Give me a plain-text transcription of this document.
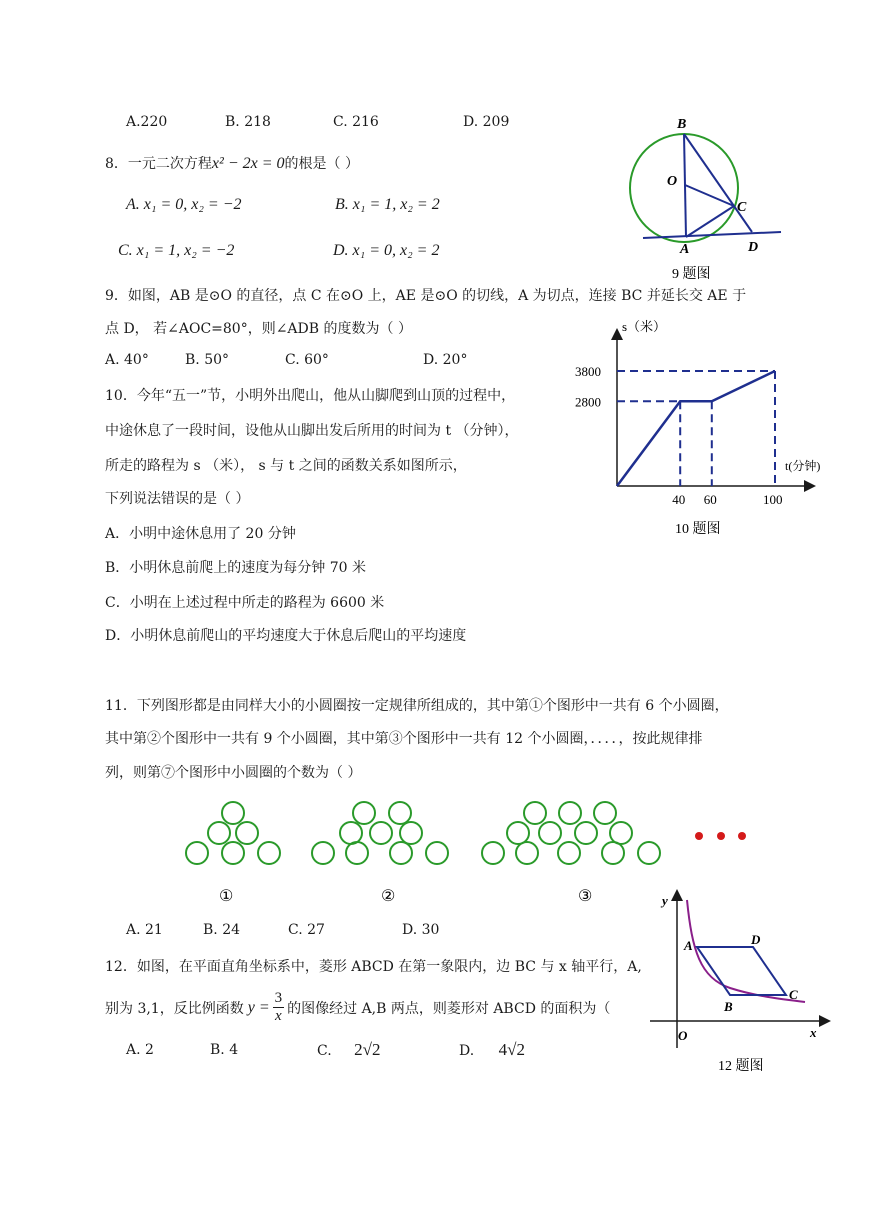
A.220	B. 218	C. 216	D. 209
8．一元二次方程x² − 2x = 0的根是（ ）
A. x₁ = 0, x₂ = −2	B. x₁ = 1, x₂ = 2
C. x₁ = 1, x₂ = −2	D. x₁ = 0, x₂ = 2
B
O
C
A	D
9 题图
9．如图，AB 是⊙O 的直径，点 C 在⊙O 上，AE 是⊙O 的切线，A 为切点，连接 BC 并延长交 AE 于
点 D， 若∠AOC=80°，则∠ADB 的度数为（ ）
A. 40°	B. 50°	C. 60°	D. 20°
s（米）
t(分钟)
3800
2800
40 60	100
10 题图
10．今年“五一”节，小明外出爬山，他从山脚爬到山顶的过程中，
中途休息了一段时间，设他从山脚出发后所用的时间为 t （分钟），
所走的路程为 s （米）， s 与 t 之间的函数关系如图所示，
下列说法错误的是（ ）
A．小明中途休息用了 20 分钟
B．小明休息前爬上的速度为每分钟 70 米
C．小明在上述过程中所走的路程为 6600 米
D．小明休息前爬山的平均速度大于休息后爬山的平均速度
11．下列图形都是由同样大小的小圆圈按一定规律所组成的，其中第①个图形中一共有 6 个小圆圈，
其中第②个图形中一共有 9 个小圆圈，其中第③个图形中一共有 12 个小圆圈，．．．．，按此规律排
列，则第⑦个图形中小圆圈的个数为（ ）
①	②	③
A. 21	B. 24	C. 27	D. 30
y
x
O
A	D
B
C
12 题图
12．如图，在平面直角坐标系中，菱形 ABCD 在第一象限内，边 BC 与 x 轴平行，A,
别为 3,1，反比例函数 $y = \frac{3}{x}$ 的图像经过 A,B 两点，则菱形对 ABCD 的面积为（
A. 2	B. 4	C. 2√2	D. 4√2
